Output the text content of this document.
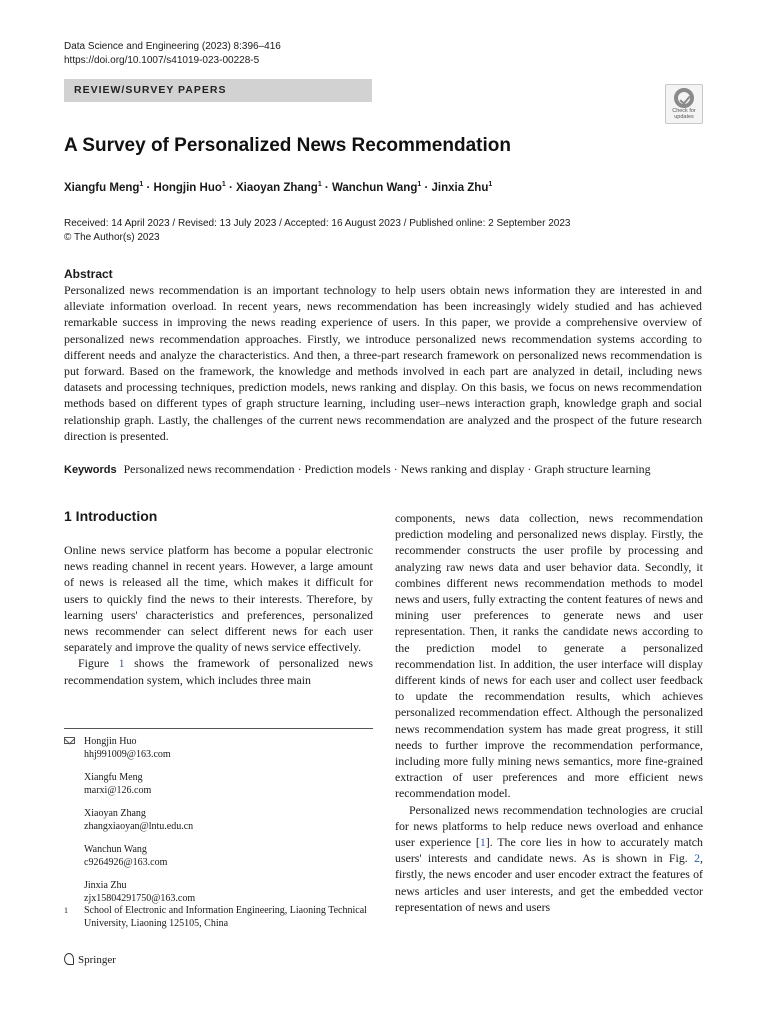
Data Science and Engineering (2023) 8:396–416
https://doi.org/10.1007/s41019-023-00228-5
REVIEW/SURVEY PAPERS
Check for
updates
A Survey of Personalized News Recommendation
Xiangfu Meng$^1$ · Hongjin Huo$^1$ · Xiaoyan Zhang$^1$ · Wanchun Wang$^1$ · Jinxia Zhu$^1$
Received: 14 April 2023 / Revised: 13 July 2023 / Accepted: 16 August 2023 / Published online: 2 September 2023
© The Author(s) 2023
Abstract

Personalized news recommendation is an important technology to help users obtain news information they are interested in and alleviate information overload. In recent years, news recommendation has been increasingly widely studied and has achieved remarkable success in improving the news reading experience of users. In this paper, we provide a comprehensive overview of personalized news recommendation approaches. Firstly, we introduce personalized news recommendation systems according to different needs and analyze the characteristics. And then, a three-part research framework on personalized news recommendation is put forward. Based on the framework, the knowledge and methods involved in each part are analyzed in detail, including news datasets and processing techniques, prediction models, news ranking and display. On this basis, we focus on news recommendation methods based on different types of graph structure learning, including user–news interaction graph, knowledge graph and social relationship graph. Lastly, the challenges of the current news recommendation are analyzed and the prospect of the future research direction is presented.

Keywords Personalized news recommendation · Prediction models · News ranking and display · Graph structure learning
1 Introduction

Online news service platform has become a popular electronic news reading channel in recent years. However, a large amount of news is released all the time, which makes it difficult for users to quickly find the news to their interests. Therefore, by learning users' characteristics and preferences, personalized news recommender can select different news for each user separately and improve the quality of news service effectively.

Figure 1 shows the framework of personalized news recommendation system, which includes three main

components, news data collection, news recommendation prediction modeling and personalized news display. Firstly, the recommender constructs the user profile by processing and analyzing raw news data and user behavior data. Secondly, it combines different news recommendation methods to model news and users, fully extracting the content features of news and mining user preferences to generate news and user representation. Then, it ranks the candidate news according to the prediction model to generate a personalized recommendation list. In addition, the user interface will display different kinds of news for each user and collect user feedback to update the recommendation results, which achieves personalized recommendation effect. Although the personalized news recommendation system has made great progress, it still needs to further improve the recommendation performance, including more fully mining news semantics, more fine-grained extraction of user preferences and more efficient news recommendation model.

Personalized news recommendation technologies are crucial for news platforms to help reduce news overload and enhance user experience [1]. The core lies in how to accurately match users' interests and candidate news. As is shown in Fig. 2, firstly, the news encoder and user encoder extract the features of news articles and user interests, and get the embedded vector representation of news and users

Hongjin Huo
hhj991009@163.com
Xiangfu Meng
marxi@126.com
Xiaoyan Zhang
zhangxiaoyan@lntu.edu.cn
Wanchun Wang
c9264926@163.com
Jinxia Zhu
zjx15804291750@163.com
1 School of Electronic and Information Engineering, Liaoning Technical University, Liaoning 125105, China
Springer
